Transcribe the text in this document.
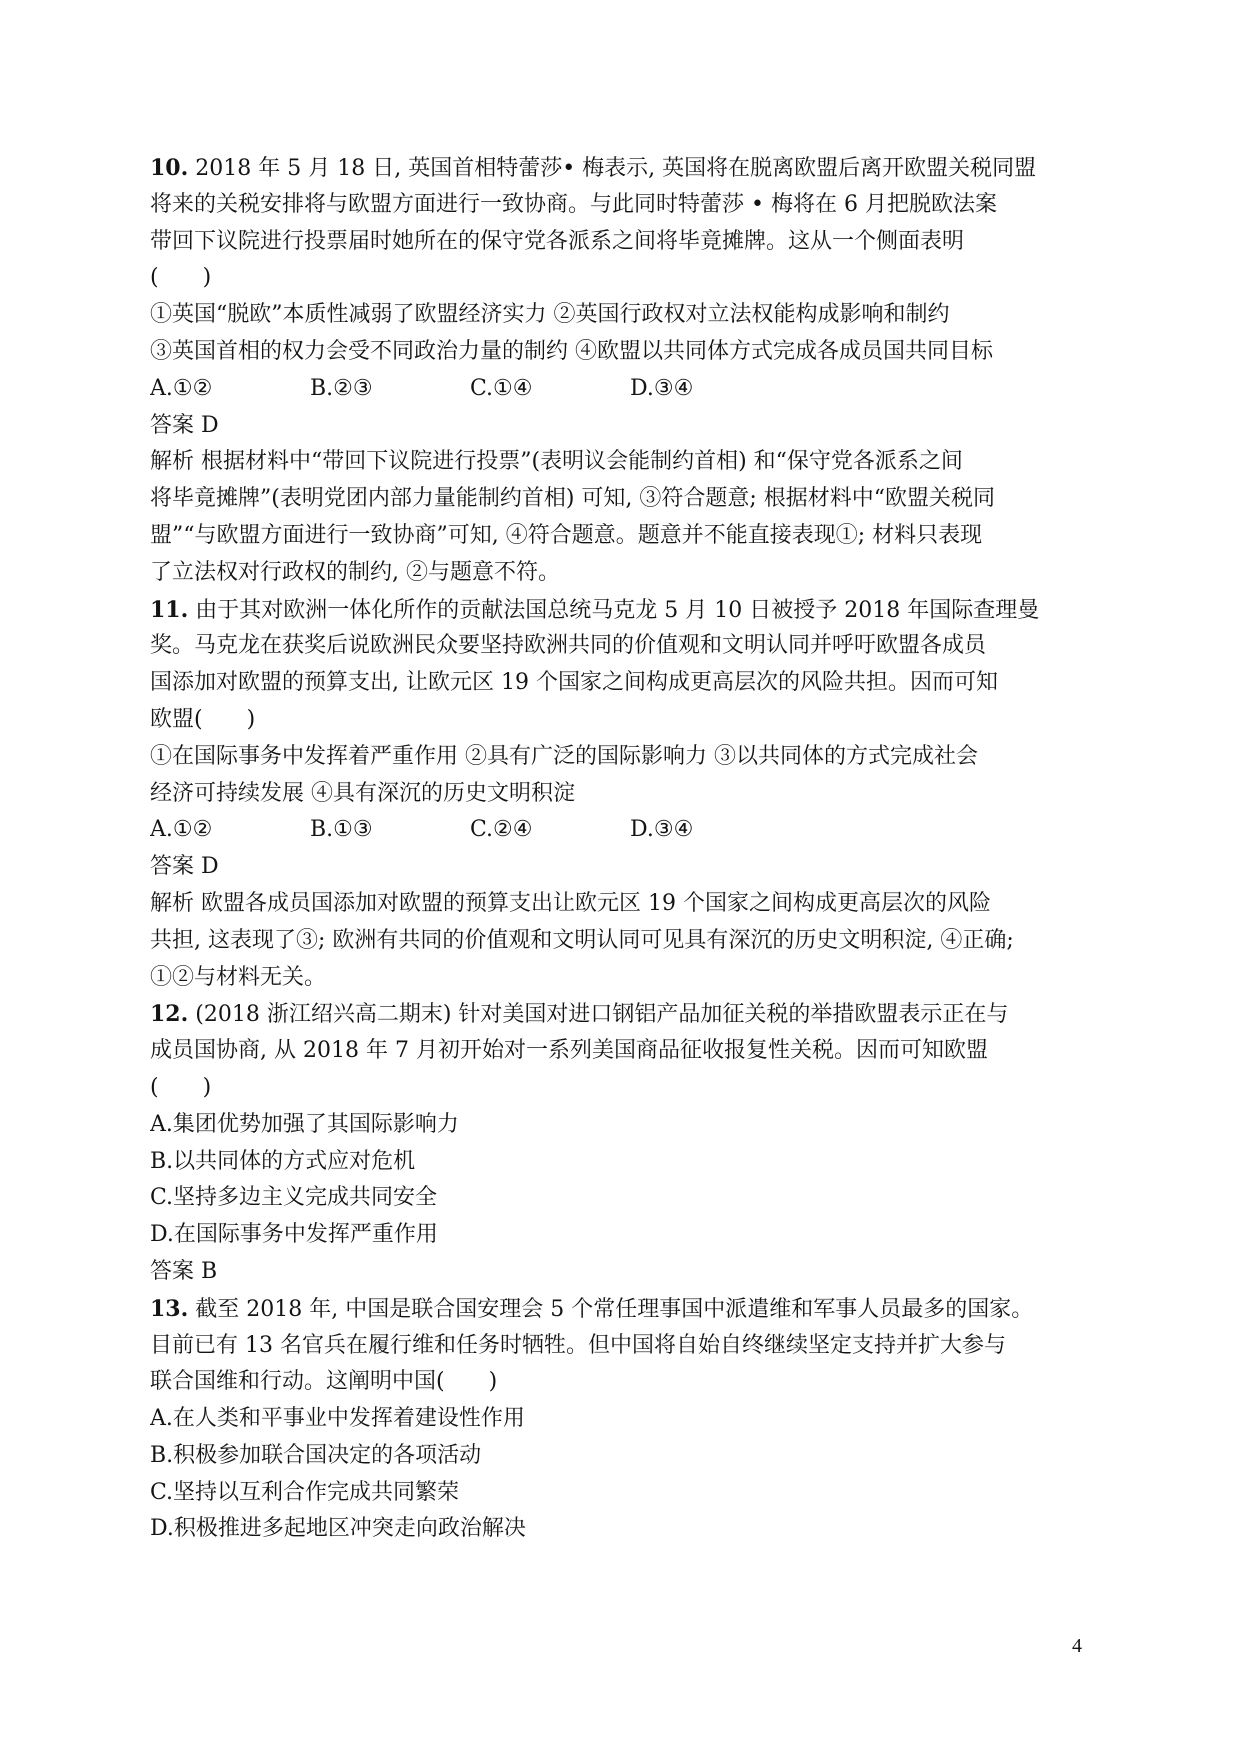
10. 2018 年 5 月 18 日, 英国首相特蕾莎• 梅表示, 英国将在脱离欧盟后离开欧盟关税同盟
将来的关税安排将与欧盟方面进行一致协商。与此同时特蕾莎 • 梅将在 6 月把脱欧法案
带回下议院进行投票届时她所在的保守党各派系之间将毕竟摊牌。这从一个侧面表明
(　　)
①英国“脱欧”本质性减弱了欧盟经济实力 ②英国行政权对立法权能构成影响和制约
③英国首相的权力会受不同政治力量的制约 ④欧盟以共同体方式完成各成员国共同目标
A.①②	B.②③	C.①④	D.③④
答案 D
解析 根据材料中“带回下议院进行投票”(表明议会能制约首相) 和“保守党各派系之间
将毕竟摊牌”(表明党团内部力量能制约首相) 可知, ③符合题意; 根据材料中“欧盟关税同
盟”“与欧盟方面进行一致协商”可知, ④符合题意。题意并不能直接表现①; 材料只表现
了立法权对行政权的制约, ②与题意不符。
11. 由于其对欧洲一体化所作的贡献法国总统马克龙 5 月 10 日被授予 2018 年国际查理曼
奖。马克龙在获奖后说欧洲民众要坚持欧洲共同的价值观和文明认同并呼吁欧盟各成员
国添加对欧盟的预算支出, 让欧元区 19 个国家之间构成更高层次的风险共担。因而可知
欧盟(　　)
①在国际事务中发挥着严重作用 ②具有广泛的国际影响力 ③以共同体的方式完成社会
经济可持续发展 ④具有深沉的历史文明积淀
A.①②	B.①③	C.②④	D.③④
答案 D
解析 欧盟各成员国添加对欧盟的预算支出让欧元区 19 个国家之间构成更高层次的风险
共担, 这表现了③; 欧洲有共同的价值观和文明认同可见具有深沉的历史文明积淀, ④正确;
①②与材料无关。
12. (2018 浙江绍兴高二期末) 针对美国对进口钢铝产品加征关税的举措欧盟表示正在与
成员国协商, 从 2018 年 7 月初开始对一系列美国商品征收报复性关税。因而可知欧盟
(　　)
A.集团优势加强了其国际影响力
B.以共同体的方式应对危机
C.坚持多边主义完成共同安全
D.在国际事务中发挥严重作用
答案 B
13. 截至 2018 年, 中国是联合国安理会 5 个常任理事国中派遣维和军事人员最多的国家。
目前已有 13 名官兵在履行维和任务时牺牲。但中国将自始自终继续坚定支持并扩大参与
联合国维和行动。这阐明中国(　　)
A.在人类和平事业中发挥着建设性作用
B.积极参加联合国决定的各项活动
C.坚持以互利合作完成共同繁荣
D.积极推进多起地区冲突走向政治解决
4
